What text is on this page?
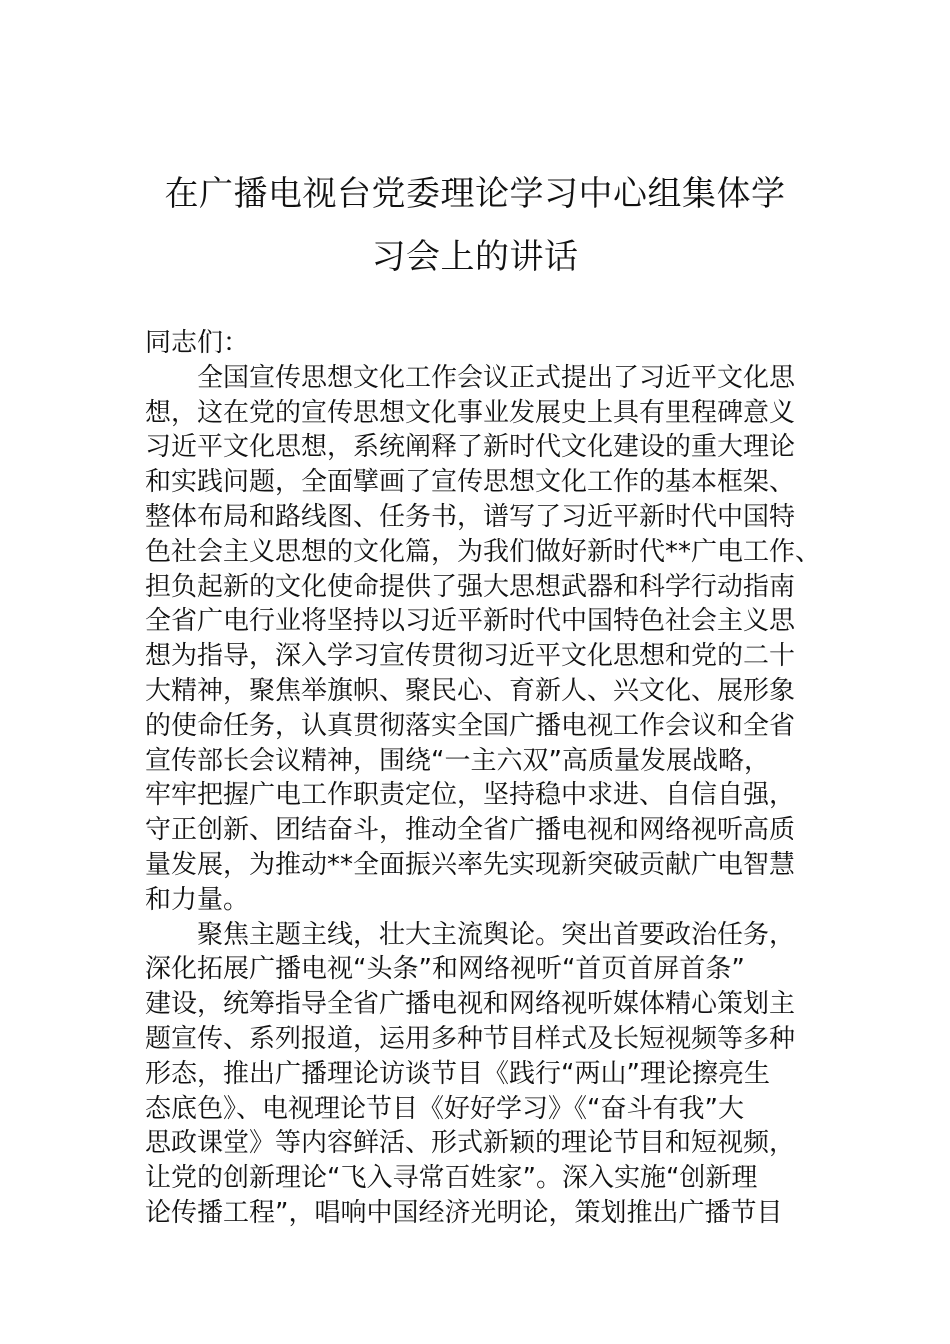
在广播电视台党委理论学习中心组集体学
习会上的讲话
同志们：
全国宣传思想文化工作会议正式提出了习近平文化思
想，这在党的宣传思想文化事业发展史上具有里程碑意义
习近平文化思想，系统阐释了新时代文化建设的重大理论
和实践问题，全面擘画了宣传思想文化工作的基本框架、
整体布局和路线图、任务书，谱写了习近平新时代中国特
色社会主义思想的文化篇，为我们做好新时代**广电工作、
担负起新的文化使命提供了强大思想武器和科学行动指南
全省广电行业将坚持以习近平新时代中国特色社会主义思
想为指导，深入学习宣传贯彻习近平文化思想和党的二十
大精神，聚焦举旗帜、聚民心、育新人、兴文化、展形象
的使命任务，认真贯彻落实全国广播电视工作会议和全省
宣传部长会议精神，围绕“一主六双”高质量发展战略，
牢牢把握广电工作职责定位，坚持稳中求进、自信自强，
守正创新、团结奋斗，推动全省广播电视和网络视听高质
量发展，为推动**全面振兴率先实现新突破贡献广电智慧
和力量。
聚焦主题主线，壮大主流舆论。突出首要政治任务，
深化拓展广播电视“头条”和网络视听“首页首屏首条”
建设，统筹指导全省广播电视和网络视听媒体精心策划主
题宣传、系列报道，运用多种节目样式及长短视频等多种
形态，推出广播理论访谈节目《践行“两山”理论擦亮生
态底色》、电视理论节目《好好学习》《“奋斗有我”大
思政课堂》等内容鲜活、形式新颖的理论节目和短视频，
让党的创新理论“飞入寻常百姓家”。深入实施“创新理
论传播工程”，唱响中国经济光明论，策划推出广播节目
